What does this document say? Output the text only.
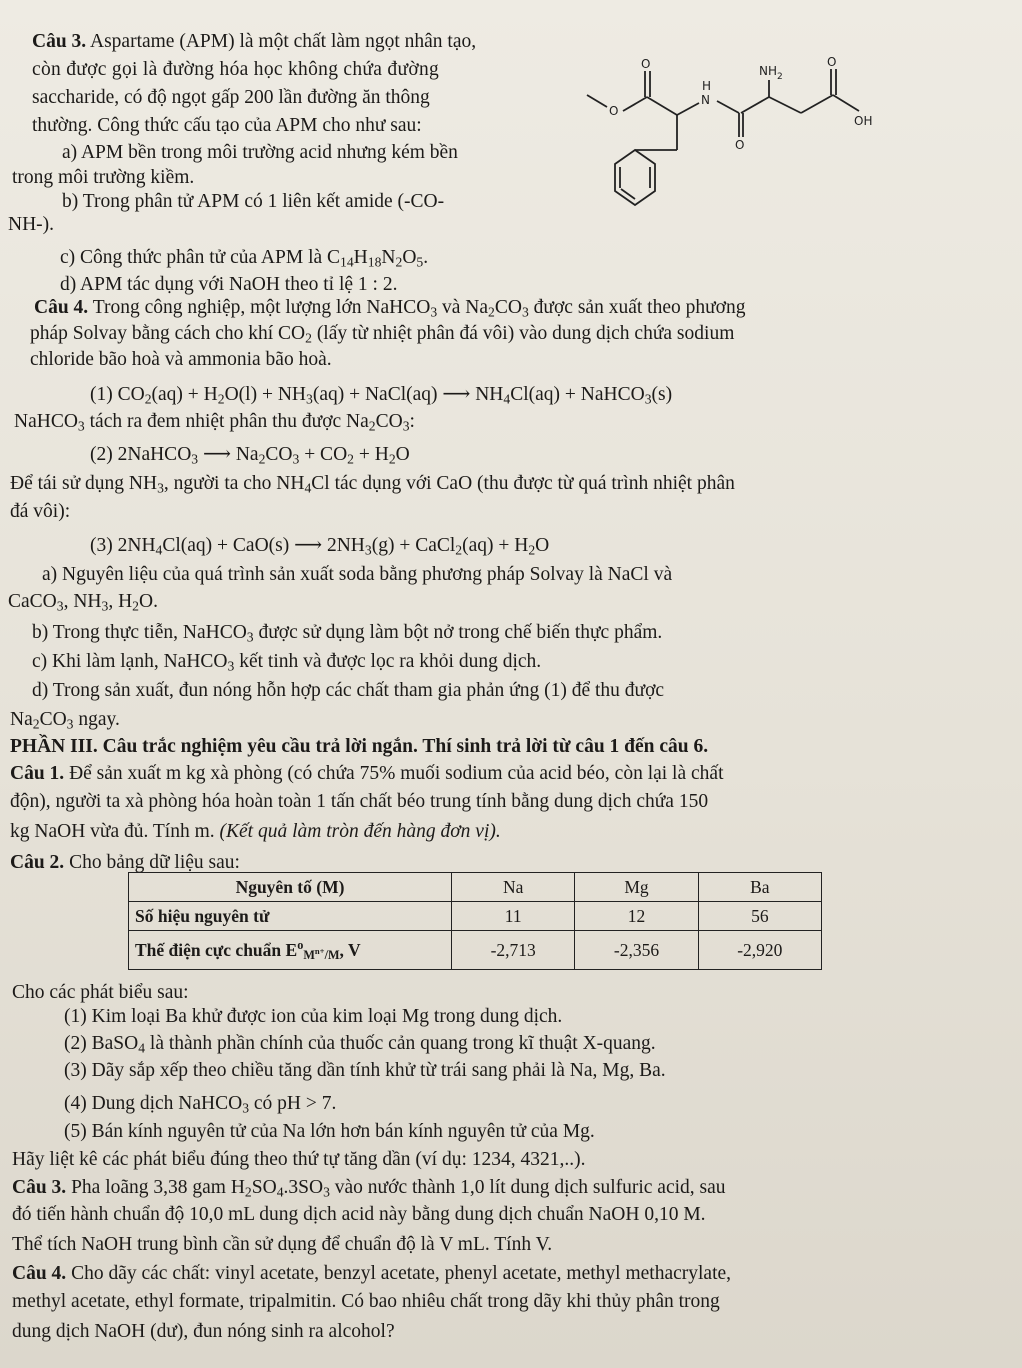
Câu 3. Aspartame (APM) là một chất làm ngọt nhân tạo,
còn được gọi là đường hóa học không chứa đường
saccharide, có độ ngọt gấp 200 lần đường ăn thông
thường. Công thức cấu tạo của APM cho như sau:
a) APM bền trong môi trường acid nhưng kém bền
trong môi trường kiềm.
b) Trong phân tử APM có 1 liên kết amide (-CO-
NH-).
c) Công thức phân tử của APM là $C_{14}H_{18}N_2O_5$.
d) APM tác dụng với NaOH theo tỉ lệ 1 : 2.
O
O
O
H
N
$NH_2$
O
OH
Câu 4. Trong công nghiệp, một lượng lớn NaHCO$_3$ và $Na_2CO_3$ được sản xuất theo phương
pháp Solvay bằng cách cho khí $CO_2$ (lấy từ nhiệt phân đá vôi) vào dung dịch chứa sodium
chloride bão hoà và ammonia bão hoà.
(1) $CO_2(aq) + H_2O(l) + NH_3(aq)$ + NaCl(aq) ⟶ $NH_4Cl(aq)$ + NaHCO$_3$(s)
NaHCO$_3$ tách ra đem nhiệt phân thu được $Na_2CO_3$:
(2) 2NaHCO$_3$ ⟶ $Na_2CO_3 + CO_2 + H_2O$
Để tái sử dụng $NH_3$, người ta cho $NH_4Cl$ tác dụng với CaO (thu được từ quá trình nhiệt phân
đá vôi):
(3) $2NH_4Cl(aq) + CaO(s)$ ⟶ $2NH_3(g)$ + CaCl$_2$(aq) + $H_2O$
a) Nguyên liệu của quá trình sản xuất soda bằng phương pháp Solvay là NaCl và
CaCO$_3$, $NH_3$, $H_2O$.
b) Trong thực tiễn, NaHCO$_3$ được sử dụng làm bột nở trong chế biến thực phẩm.
c) Khi làm lạnh, NaHCO$_3$ kết tinh và được lọc ra khỏi dung dịch.
d) Trong sản xuất, đun nóng hỗn hợp các chất tham gia phản ứng (1) để thu được
$Na_2CO_3$ ngay.
PHẦN III. Câu trắc nghiệm yêu cầu trả lời ngắn. Thí sinh trả lời từ câu 1 đến câu 6.
Câu 1. Để sản xuất m kg xà phòng (có chứa 75% muối sodium của acid béo, còn lại là chất
độn), người ta xà phòng hóa hoàn toàn 1 tấn chất béo trung tính bằng dung dịch chứa 150
kg NaOH vừa đủ. Tính m. (Kết quả làm tròn đến hàng đơn vị).
Câu 2. Cho bảng dữ liệu sau:
Nguyên tố (M)	Na	Mg	Ba
Số hiệu nguyên tử	11	12	56
Thế điện cực chuẩn $E^o_{M^{n+}/M}$, V	-2,713	-2,356	-2,920
Cho các phát biểu sau:
(1) Kim loại Ba khử được ion của kim loại Mg trong dung dịch.
(2) BaSO$_4$ là thành phần chính của thuốc cản quang trong kĩ thuật X-quang.
(3) Dãy sắp xếp theo chiều tăng dần tính khử từ trái sang phải là Na, Mg, Ba.
(4) Dung dịch NaHCO$_3$ có pH > 7.
(5) Bán kính nguyên tử của Na lớn hơn bán kính nguyên tử của Mg.
Hãy liệt kê các phát biểu đúng theo thứ tự tăng dần (ví dụ: 1234, 4321,..).
Câu 3. Pha loãng 3,38 gam $H_2SO_4.3SO_3$ vào nước thành 1,0 lít dung dịch sulfuric acid, sau
đó tiến hành chuẩn độ 10,0 mL dung dịch acid này bằng dung dịch chuẩn NaOH 0,10 M.
Thể tích NaOH trung bình cần sử dụng để chuẩn độ là V mL. Tính V.
Câu 4. Cho dãy các chất: vinyl acetate, benzyl acetate, phenyl acetate, methyl methacrylate,
methyl acetate, ethyl formate, tripalmitin. Có bao nhiêu chất trong dãy khi thủy phân trong
dung dịch NaOH (dư), đun nóng sinh ra alcohol?
